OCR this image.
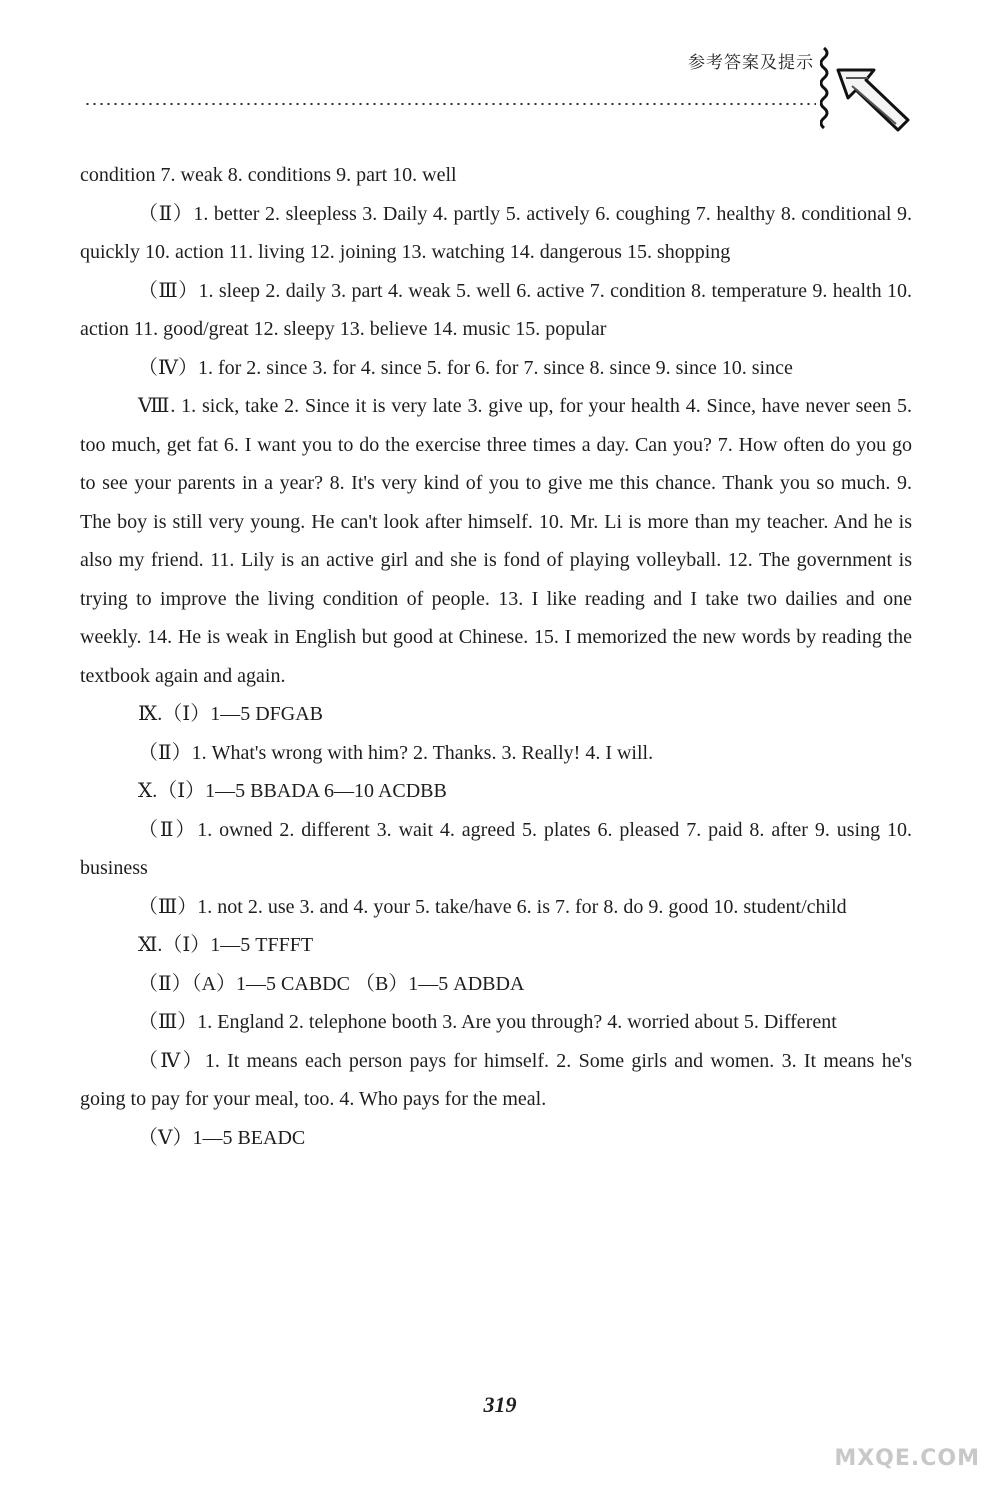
参考答案及提示

condition 7. weak 8. conditions 9. part 10. well

（Ⅱ）1. better 2. sleepless 3. Daily 4. partly 5. actively 6. coughing 7. healthy 8. conditional 9. quickly 10. action 11. living 12. joining 13. watching 14. dangerous 15. shopping

（Ⅲ）1. sleep 2. daily 3. part 4. weak 5. well 6. active 7. condition 8. temperature 9. health 10. action 11. good/great 12. sleepy 13. believe 14. music 15. popular

（Ⅳ）1. for 2. since 3. for 4. since 5. for 6. for 7. since 8. since 9. since 10. since

Ⅷ. 1. sick, take 2. Since it is very late 3. give up, for your health 4. Since, have never seen 5. too much, get fat 6. I want you to do the exercise three times a day. Can you? 7. How often do you go to see your parents in a year? 8. It's very kind of you to give me this chance. Thank you so much. 9. The boy is still very young. He can't look after himself. 10. Mr. Li is more than my teacher. And he is also my friend. 11. Lily is an active girl and she is fond of playing volleyball. 12. The government is trying to improve the living condition of people. 13. I like reading and I take two dailies and one weekly. 14. He is weak in English but good at Chinese. 15. I memorized the new words by reading the textbook again and again.

Ⅸ.（Ⅰ）1—5 DFGAB

（Ⅱ）1. What's wrong with him? 2. Thanks. 3. Really! 4. I will.

Ⅹ.（Ⅰ）1—5 BBADA 6—10 ACDBB

（Ⅱ）1. owned 2. different 3. wait 4. agreed 5. plates 6. pleased 7. paid 8. after 9. using 10. business

（Ⅲ）1. not 2. use 3. and 4. your 5. take/have 6. is 7. for 8. do 9. good 10. student/child

Ⅺ.（Ⅰ）1—5 TFFFT

（Ⅱ）（A）1—5 CABDC （B）1—5 ADBDA

（Ⅲ）1. England 2. telephone booth 3. Are you through? 4. worried about 5. Different

（Ⅳ）1. It means each person pays for himself. 2. Some girls and women. 3. It means he's going to pay for your meal, too. 4. Who pays for the meal.

（Ⅴ）1—5 BEADC

319
MXQE.COM
